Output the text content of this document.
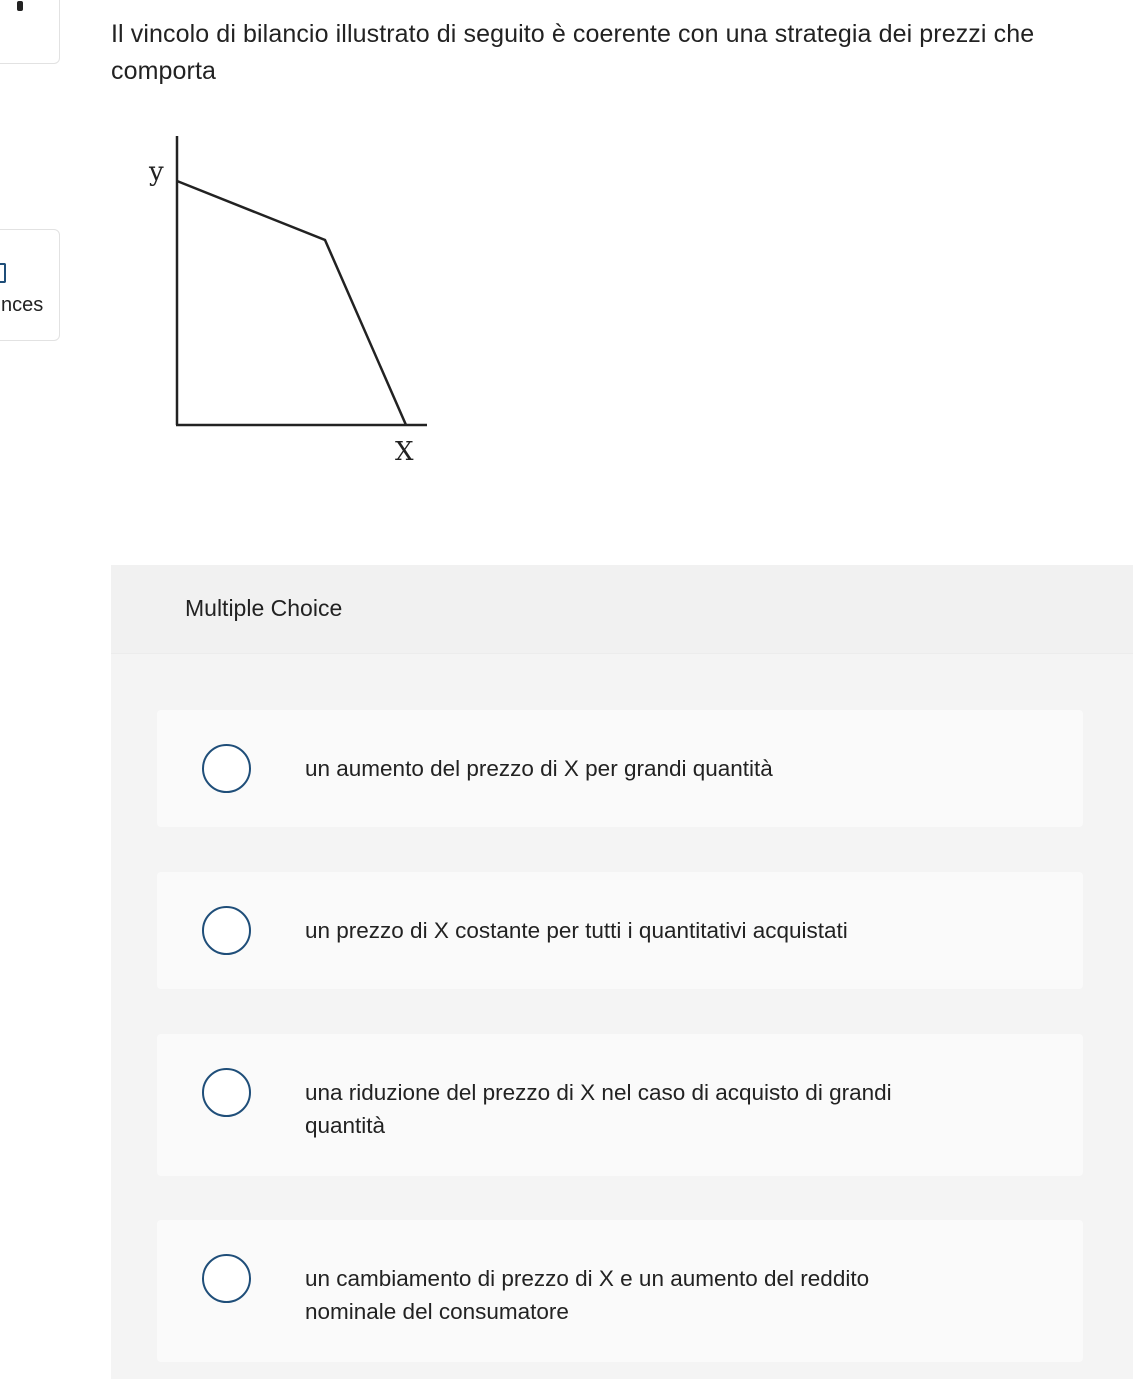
nces
Il vincolo di bilancio illustrato di seguito è coerente con una strategia dei prezzi che comporta
y
X
Multiple Choice
un aumento del prezzo di X per grandi quantità
un prezzo di X costante per tutti i quantitativi acquistati
una riduzione del prezzo di X nel caso di acquisto di grandi quantità
un cambiamento di prezzo di X e un aumento del reddito nominale del consumatore
